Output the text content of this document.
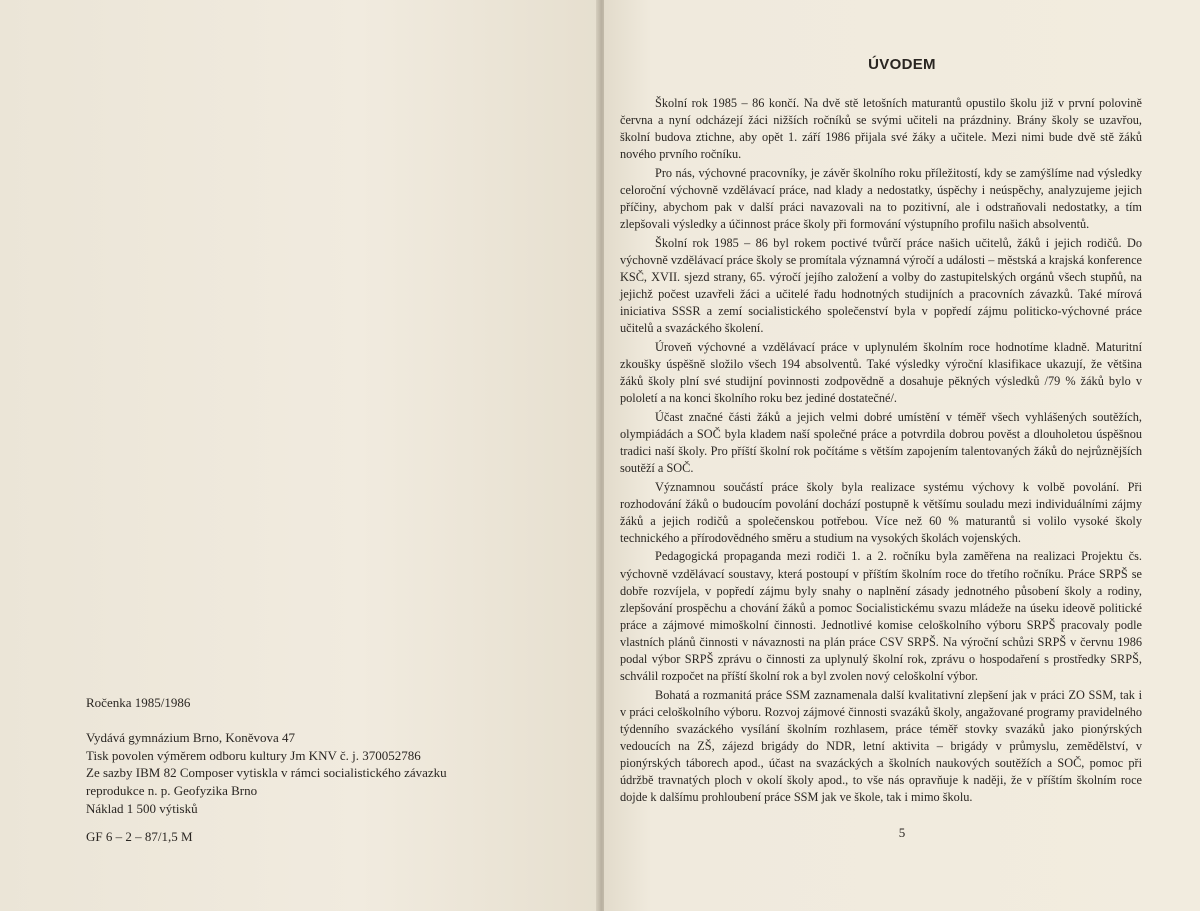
Ročenka 1985/1986
Vydává gymnázium Brno, Koněvova 47
Tisk povolen výměrem odboru kultury Jm KNV č. j. 370052786
Ze sazby IBM 82 Composer vytiskla v rámci socialistického závazku
reprodukce n. p. Geofyzika Brno
Náklad 1 500 výtisků
GF 6 – 2 – 87/1,5 M
ÚVODEM

Školní rok 1985 – 86 končí. Na dvě stě letošních maturantů opustilo školu již v první polovině června a nyní odcházejí žáci nižších ročníků se svými učiteli na prázdniny. Brány školy se uzavřou, školní budova ztichne, aby opět 1. září 1986 přijala své žáky a učitele. Mezi nimi bude dvě stě žáků nového prvního ročníku.

Pro nás, výchovné pracovníky, je závěr školního roku příležitostí, kdy se zamýšlíme nad výsledky celoroční výchovně vzdělávací práce, nad klady a nedostatky, úspěchy i neúspěchy, analyzujeme jejich příčiny, abychom pak v další práci navazovali na to pozitivní, ale i odstraňovali nedostatky, a tím zlepšovali výsledky a účinnost práce školy při formování výstupního profilu našich absolventů.

Školní rok 1985 – 86 byl rokem poctivé tvůrčí práce našich učitelů, žáků i jejich rodičů. Do výchovně vzdělávací práce školy se promítala významná výročí a události – městská a krajská konference KSČ, XVII. sjezd strany, 65. výročí jejího založení a volby do zastupitelských orgánů všech stupňů, na jejichž počest uzavřeli žáci a učitelé řadu hodnotných studijních a pracovních závazků. Také mírová iniciativa SSSR a zemí socialistického společenství byla v popředí zájmu politicko-výchovné práce učitelů a svazáckého školení.

Úroveň výchovné a vzdělávací práce v uplynulém školním roce hodnotíme kladně. Maturitní zkoušky úspěšně složilo všech 194 absolventů. Také výsledky výroční klasifikace ukazují, že většina žáků školy plní své studijní povinnosti zodpovědně a dosahuje pěkných výsledků /79 % žáků bylo v pololetí a na konci školního roku bez jediné dostatečné/.

Účast značné části žáků a jejich velmi dobré umístění v téměř všech vyhlášených soutěžích, olympiádách a SOČ byla kladem naší společné práce a potvrdila dobrou pověst a dlouholetou úspěšnou tradici naší školy. Pro příští školní rok počítáme s větším zapojením talentovaných žáků do nejrůznějších soutěží a SOČ.

Významnou součástí práce školy byla realizace systému výchovy k volbě povolání. Při rozhodování žáků o budoucím povolání dochází postupně k většímu souladu mezi individuálními zájmy žáků a jejich rodičů a společenskou potřebou. Více než 60 % maturantů si volilo vysoké školy technického a přírodovědného směru a studium na vysokých školách vojenských.

Pedagogická propaganda mezi rodiči 1. a 2. ročníku byla zaměřena na realizaci Projektu čs. výchovně vzdělávací soustavy, která postoupí v příštím školním roce do třetího ročníku. Práce SRPŠ se dobře rozvíjela, v popředí zájmu byly snahy o naplnění zásady jednotného působení školy a rodiny, zlepšování prospěchu a chování žáků a pomoc Socialistickému svazu mládeže na úseku ideově politické práce a zájmové mimoškolní činnosti. Jednotlivé komise celoškolního výboru SRPŠ pracovaly podle vlastních plánů činnosti v návaznosti na plán práce CSV SRPŠ. Na výroční schůzi SRPŠ v červnu 1986 podal výbor SRPŠ zprávu o činnosti za uplynulý školní rok, zprávu o hospodaření s prostředky SRPŠ, schválil rozpočet na příští školní rok a byl zvolen nový celoškolní výbor.

Bohatá a rozmanitá práce SSM zaznamenala další kvalitativní zlepšení jak v práci ZO SSM, tak i v práci celoškolního výboru. Rozvoj zájmové činnosti svazáků školy, angažované programy pravidelného týdenního svazáckého vysílání školním rozhlasem, práce téměř stovky svazáků jako pionýrských vedoucích na ZŠ, zájezd brigády do NDR, letní aktivita – brigády v průmyslu, zemědělství, v pionýrských táborech apod., účast na svazáckých a školních naukových soutěžích a SOČ, pomoc při údržbě travnatých ploch v okolí školy apod., to vše nás opravňuje k naději, že v příštím školním roce dojde k dalšímu prohloubení práce SSM jak ve škole, tak i mimo školu.

5
